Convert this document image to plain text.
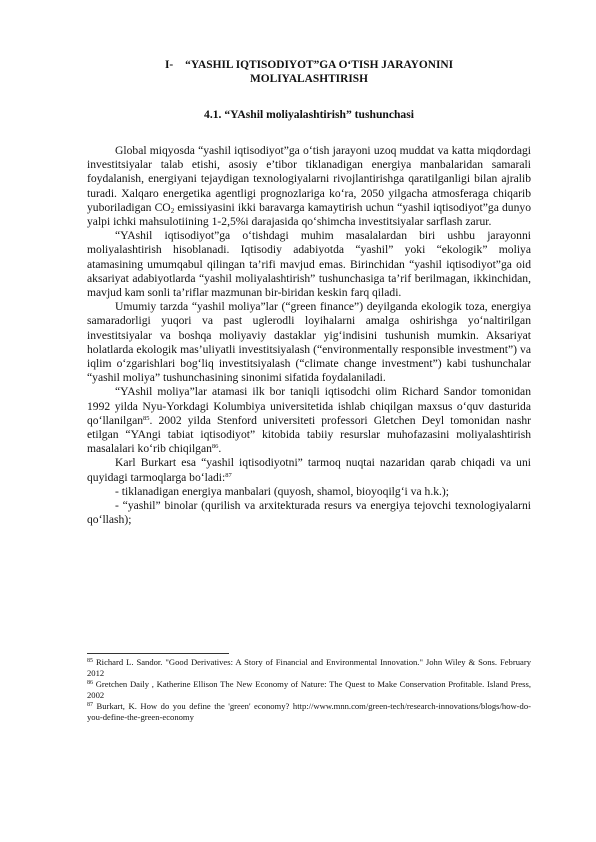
I- “YASHIL IQTISODIYOT”GA O‘TISH JARAYONINI
MOLIYALASHTIRISH

4.1. “YAshil moliyalashtirish” tushunchasi

Global miqyosda “yashil iqtisodiyot”ga o‘tish jarayoni uzoq muddat va katta miqdordagi investitsiyalar talab etishi, asosiy e’tibor tiklanadigan energiya manbalaridan samarali foydalanish, energiyani tejaydigan texnologiyalarni rivojlantirishga qaratilganligi bilan ajralib turadi. Xalqaro energetika agentligi prognozlariga ko‘ra, 2050 yilgacha atmosferaga chiqarib yuboriladigan $CO_2$ emissiyasini ikki baravarga kamaytirish uchun “yashil iqtisodiyot”ga dunyo yalpi ichki mahsulotiining 1-2,5%i darajasida qo‘shimcha investitsiyalar sarflash zarur.

“YAshil iqtisodiyot”ga o‘tishdagi muhim masalalardan biri ushbu jarayonni moliyalashtirish hisoblanadi. Iqtisodiy adabiyotda “yashil” yoki “ekologik” moliya atamasining umumqabul qilingan ta’rifi mavjud emas. Birinchidan “yashil iqtisodiyot”ga oid aksariyat adabiyotlarda “yashil moliyalashtirish” tushunchasiga ta’rif berilmagan, ikkinchidan, mavjud kam sonli ta’riflar mazmunan bir-biridan keskin farq qiladi.

Umumiy tarzda “yashil moliya”lar (“green finance”) deyilganda ekologik toza, energiya samaradorligi yuqori va past uglerodli loyihalarni amalga oshirishga yo‘naltirilgan investitsiyalar va boshqa moliyaviy dastaklar yig‘indisini tushunish mumkin. Aksariyat holatlarda ekologik mas’uliyatli investitsiyalash (“environmentally responsible investment”) va iqlim o‘zgarishlari bog‘liq investitsiyalash (“climate change investment”) kabi tushunchalar “yashil moliya” tushunchasining sinonimi sifatida foydalaniladi.

“YAshil moliya”lar atamasi ilk bor taniqli iqtisodchi olim Richard Sandor tomonidan 1992 yilda Nyu-Yorkdagi Kolumbiya universitetida ishlab chiqilgan maxsus o‘quv dasturida qo‘llanilgan$^{85}$. 2002 yilda Stenford universiteti professori Gletchen Deyl tomonidan nashr etilgan “YAngi tabiat iqtisodiyot” kitobida tabiiy resurslar muhofazasini moliyalashtirish masalalari ko‘rib chiqilgan$^{86}$.

Karl Burkart esa “yashil iqtisodiyotni” tarmoq nuqtai nazaridan qarab chiqadi va uni quyidagi tarmoqlarga bo‘ladi:$^{87}$

- tiklanadigan energiya manbalari (quyosh, shamol, bioyoqilg‘i va h.k.);

- “yashil” binolar (qurilish va arxitekturada resurs va energiya tejovchi texnologiyalarni qo‘llash);

$^{85}$ Richard L. Sandor. "Good Derivatives: A Story of Financial and Environmental Innovation." John Wiley & Sons. February 2012

$^{86}$ Gretchen Daily , Katherine Ellison The New Economy of Nature: The Quest to Make Conservation Profitable. Island Press, 2002

$^{87}$ Burkart, K. How do you define the 'green' economy? http://www.mnn.com/green-tech/research-innovations/blogs/how-do-you-define-the-green-economy
